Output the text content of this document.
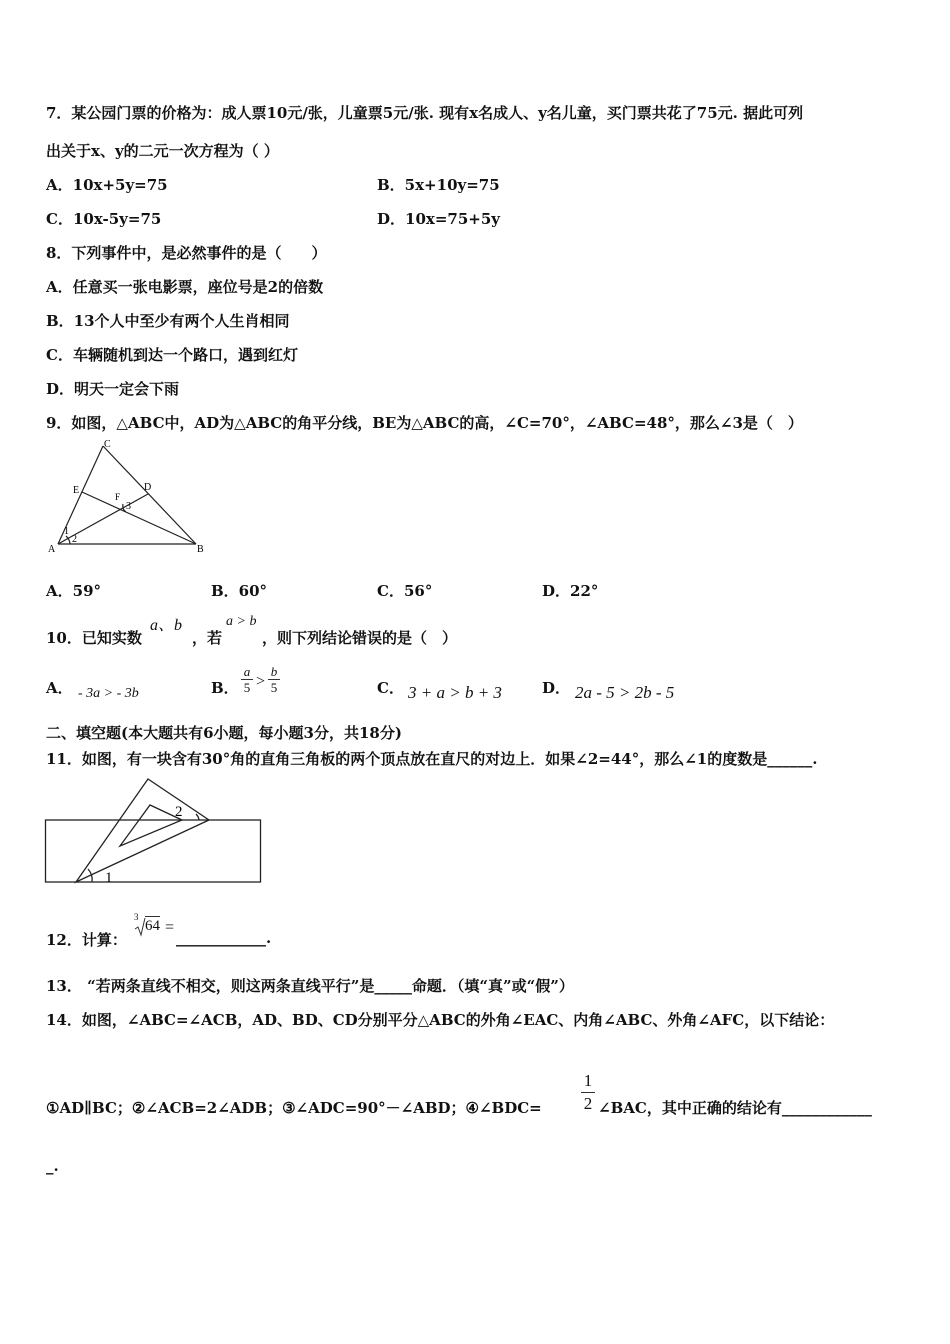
7．某公园门票的价格为：成人票10元/张，儿童票5元/张. 现有x名成人、y名儿童，买门票共花了75元. 据此可列
出关于x、y的二元一次方程为（ ）
A．10x+5y=75	B．5x+10y=75
C．10x-5y=75	D．10x=75+5y
8．下列事件中，是必然事件的是（　　）
A．任意买一张电影票，座位号是2的倍数
B．13个人中至少有两个人生肖相同
C．车辆随机到达一个路口，遇到红灯
D．明天一定会下雨
9．如图，△ABC中，AD为△ABC的角平分线，BE为△ABC的高，∠C=70°，∠ABC=48°，那么∠3是（　）
C
E	D
F
3
1
2
A	B
A．59°	B．60°	C．56°	D．22°
10．已知实数
a、b
，若
a > b
，则下列结论错误的是（　）
A． - 3a > - 3b	B． $\frac{a}{5} > \frac{b}{5}$	C． 3 + a > b + 3	D． 2a - 5 > 2b - 5
二、填空题(本大题共有6小题，每小题3分，共18分)
11．如图，有一块含有30°角的直角三角板的两个顶点放在直尺的对边上．如果∠2=44°，那么∠1的度数是______.
2
1
12．计算：
3
64 =
____________.
13． “若两条直线不相交，则这两条直线平行”是_____命题．（填“真”或“假”）
14．如图，∠ABC=∠ACB，AD、BD、CD分别平分△ABC的外角∠EAC、内角∠ABC、外角∠AFC，以下结论：
①AD∥BC；②∠ACB=2∠ADB；③∠ADC=90°－∠ABD；④∠BDC= $\frac{1}{2}$ ∠BAC，其中正确的结论有____________
_.
